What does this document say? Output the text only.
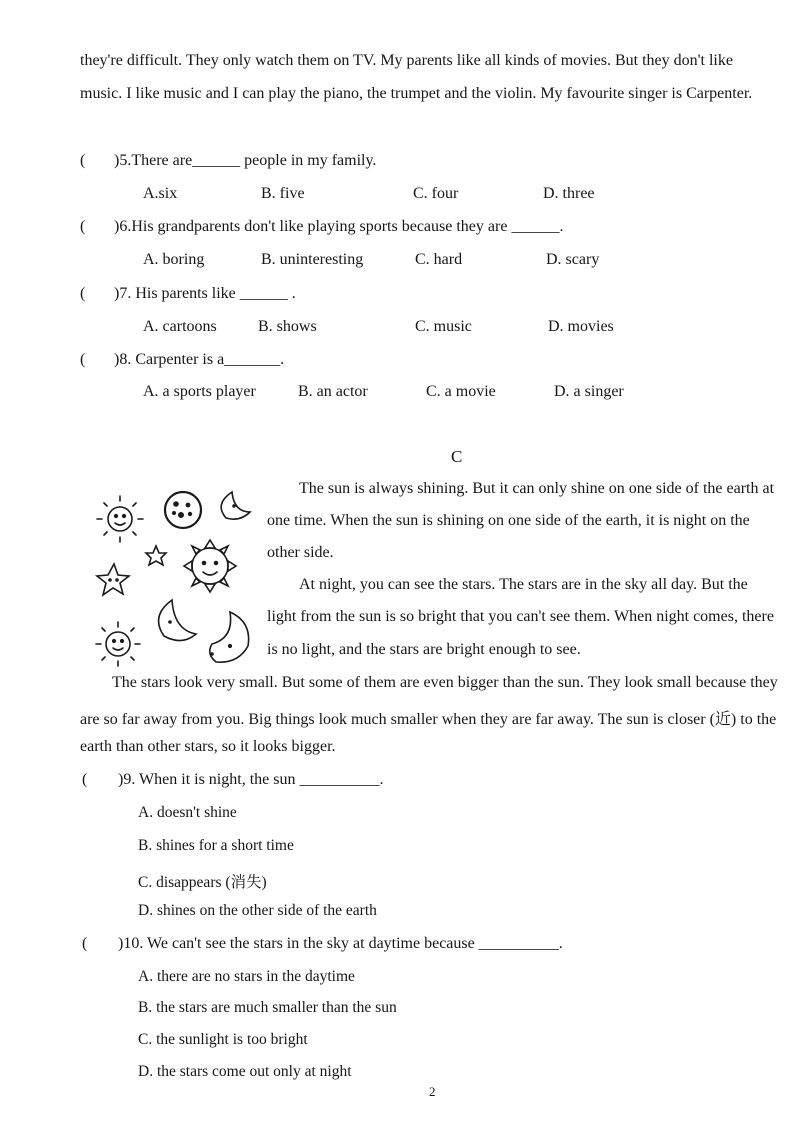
they're difficult. They only watch them on TV. My parents like all kinds of movies. But they don't like
music. I like music and I can play the piano, the trumpet and the violin. My favourite singer is Carpenter.
( )5.There are______ people in my family.
A.six	B. five	C. four	D. three
( )6.His grandparents don't like playing sports because they are ______.
A. boring	B. uninteresting	C. hard	D. scary
( )7. His parents like ______ .
A. cartoons	B. shows	C. music	D. movies
( )8. Carpenter is a_______.
A. a sports player	B. an actor	C. a movie	D. a singer
C
The sun is always shining. But it can only shine on one side of the earth at
one time. When the sun is shining on one side of the earth, it is night on the
other side.
At night, you can see the stars. The stars are in the sky all day. But the
light from the sun is so bright that you can't see them. When night comes, there
is no light, and the stars are bright enough to see.
The stars look very small. But some of them are even bigger than the sun. They look small because they
are so far away from you. Big things look much smaller when they are far away. The sun is closer (近) to the
earth than other stars, so it looks bigger.
( )9. When it is night, the sun __________.
A. doesn't shine
B. shines for a short time
C. disappears (消失)
D. shines on the other side of the earth
( )10. We can't see the stars in the sky at daytime because __________.
A. there are no stars in the daytime
B. the stars are much smaller than the sun
C. the sunlight is too bright
D. the stars come out only at night
2
